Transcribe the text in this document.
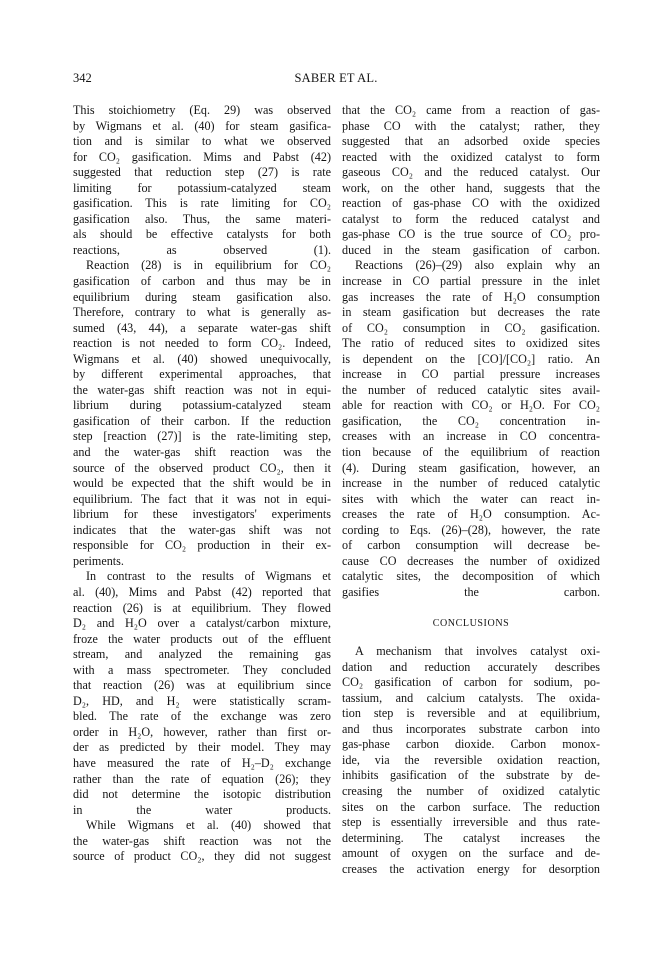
342	SABER ET AL.

This stoichiometry (Eq. 29) was observed
by Wigmans et al. (40) for steam gasifica-
tion and is similar to what we observed
for CO₂ gasification. Mims and Pabst (42)
suggested that reduction step (27) is rate
limiting for potassium-catalyzed steam
gasification. This is rate limiting for CO₂
gasification also. Thus, the same materi-
als should be effective catalysts for both
reactions, as observed (1).

Reaction (28) is in equilibrium for CO₂
gasification of carbon and thus may be in
equilibrium during steam gasification also.
Therefore, contrary to what is generally as-
sumed (43, 44), a separate water-gas shift
reaction is not needed to form CO₂. Indeed,
Wigmans et al. (40) showed unequivocally,
by different experimental approaches, that
the water-gas shift reaction was not in equi-
librium during potassium-catalyzed steam
gasification of their carbon. If the reduction
step [reaction (27)] is the rate-limiting step,
and the water-gas shift reaction was the
source of the observed product CO₂, then it
would be expected that the shift would be in
equilibrium. The fact that it was not in equi-
librium for these investigators' experiments
indicates that the water-gas shift was not
responsible for CO₂ production in their ex-
periments.

In contrast to the results of Wigmans et
al. (40), Mims and Pabst (42) reported that
reaction (26) is at equilibrium. They flowed
D₂ and H₂O over a catalyst/carbon mixture,
froze the water products out of the effluent
stream, and analyzed the remaining gas
with a mass spectrometer. They concluded
that reaction (26) was at equilibrium since
D₂, HD, and H₂ were statistically scram-
bled. The rate of the exchange was zero
order in H₂O, however, rather than first or-
der as predicted by their model. They may
have measured the rate of H₂–D₂ exchange
rather than the rate of equation (26); they
did not determine the isotopic distribution
in the water products.

While Wigmans et al. (40) showed that
the water-gas shift reaction was not the
source of product CO₂, they did not suggest

that the CO₂ came from a reaction of gas-
phase CO with the catalyst; rather, they
suggested that an adsorbed oxide species
reacted with the oxidized catalyst to form
gaseous CO₂ and the reduced catalyst. Our
work, on the other hand, suggests that the
reaction of gas-phase CO with the oxidized
catalyst to form the reduced catalyst and
gas-phase CO is the true source of CO₂ pro-
duced in the steam gasification of carbon.

Reactions (26)–(29) also explain why an
increase in CO partial pressure in the inlet
gas increases the rate of H₂O consumption
in steam gasification but decreases the rate
of CO₂ consumption in CO₂ gasification.
The ratio of reduced sites to oxidized sites
is dependent on the [CO]/[CO₂] ratio. An
increase in CO partial pressure increases
the number of reduced catalytic sites avail-
able for reaction with CO₂ or H₂O. For CO₂
gasification, the CO₂ concentration in-
creases with an increase in CO concentra-
tion because of the equilibrium of reaction
(4). During steam gasification, however, an
increase in the number of reduced catalytic
sites with which the water can react in-
creases the rate of H₂O consumption. Ac-
cording to Eqs. (26)–(28), however, the rate
of carbon consumption will decrease be-
cause CO decreases the number of oxidized
catalytic sites, the decomposition of which
gasifies the carbon.

CONCLUSIONS

A mechanism that involves catalyst oxi-
dation and reduction accurately describes
CO₂ gasification of carbon for sodium, po-
tassium, and calcium catalysts. The oxida-
tion step is reversible and at equilibrium,
and thus incorporates substrate carbon into
gas-phase carbon dioxide. Carbon monox-
ide, via the reversible oxidation reaction,
inhibits gasification of the substrate by de-
creasing the number of oxidized catalytic
sites on the carbon surface. The reduction
step is essentially irreversible and thus rate-
determining. The catalyst increases the
amount of oxygen on the surface and de-
creases the activation energy for desorption
